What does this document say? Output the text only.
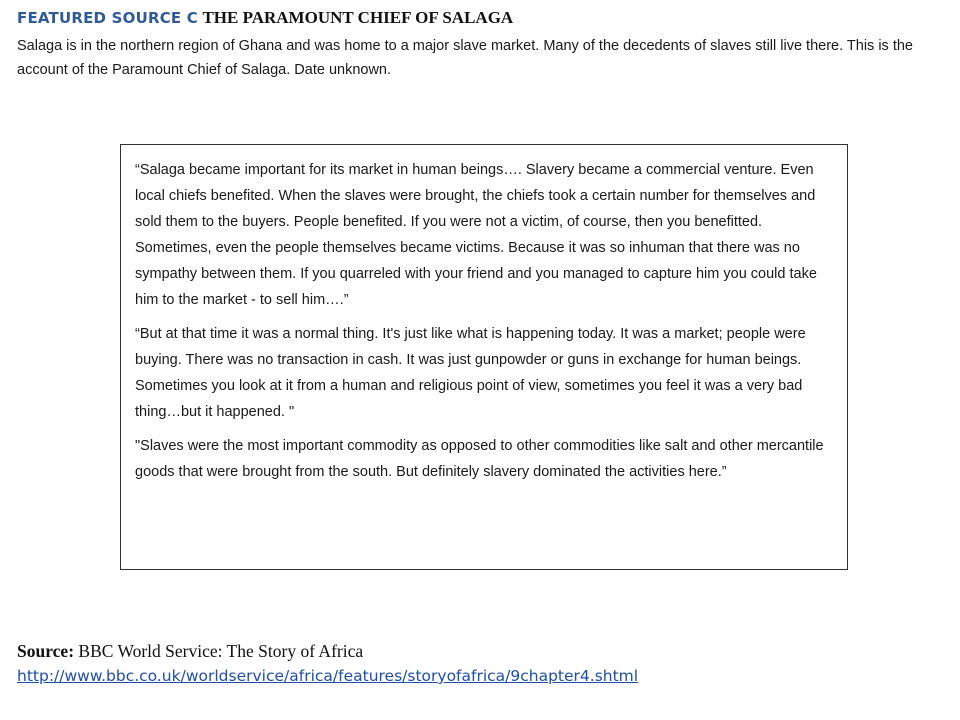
FEATURED SOURCE C THE PARAMOUNT CHIEF OF SALAGA
Salaga is in the northern region of Ghana and was home to a major slave market. Many of the decedents of slaves still live there. This is the account of the Paramount Chief of Salaga. Date unknown.

“Salaga became important for its market in human beings…. Slavery became a commercial venture. Even local chiefs benefited. When the slaves were brought, the chiefs took a certain number for themselves and sold them to the buyers. People benefited. If you were not a victim, of course, then you benefitted. Sometimes, even the people themselves became victims. Because it was so inhuman that there was no sympathy between them. If you quarreled with your friend and you managed to capture him you could take him to the market - to sell him….”

“But at that time it was a normal thing. It's just like what is happening today. It was a market; people were buying. There was no transaction in cash. It was just gunpowder or guns in exchange for human beings. Sometimes you look at it from a human and religious point of view, sometimes you feel it was a very bad thing…but it happened. "

"Slaves were the most important commodity as opposed to other commodities like salt and other mercantile goods that were brought from the south. But definitely slavery dominated the activities here.”

Source: BBC World Service: The Story of Africa
http://www.bbc.co.uk/worldservice/africa/features/storyofafrica/9chapter4.shtml
